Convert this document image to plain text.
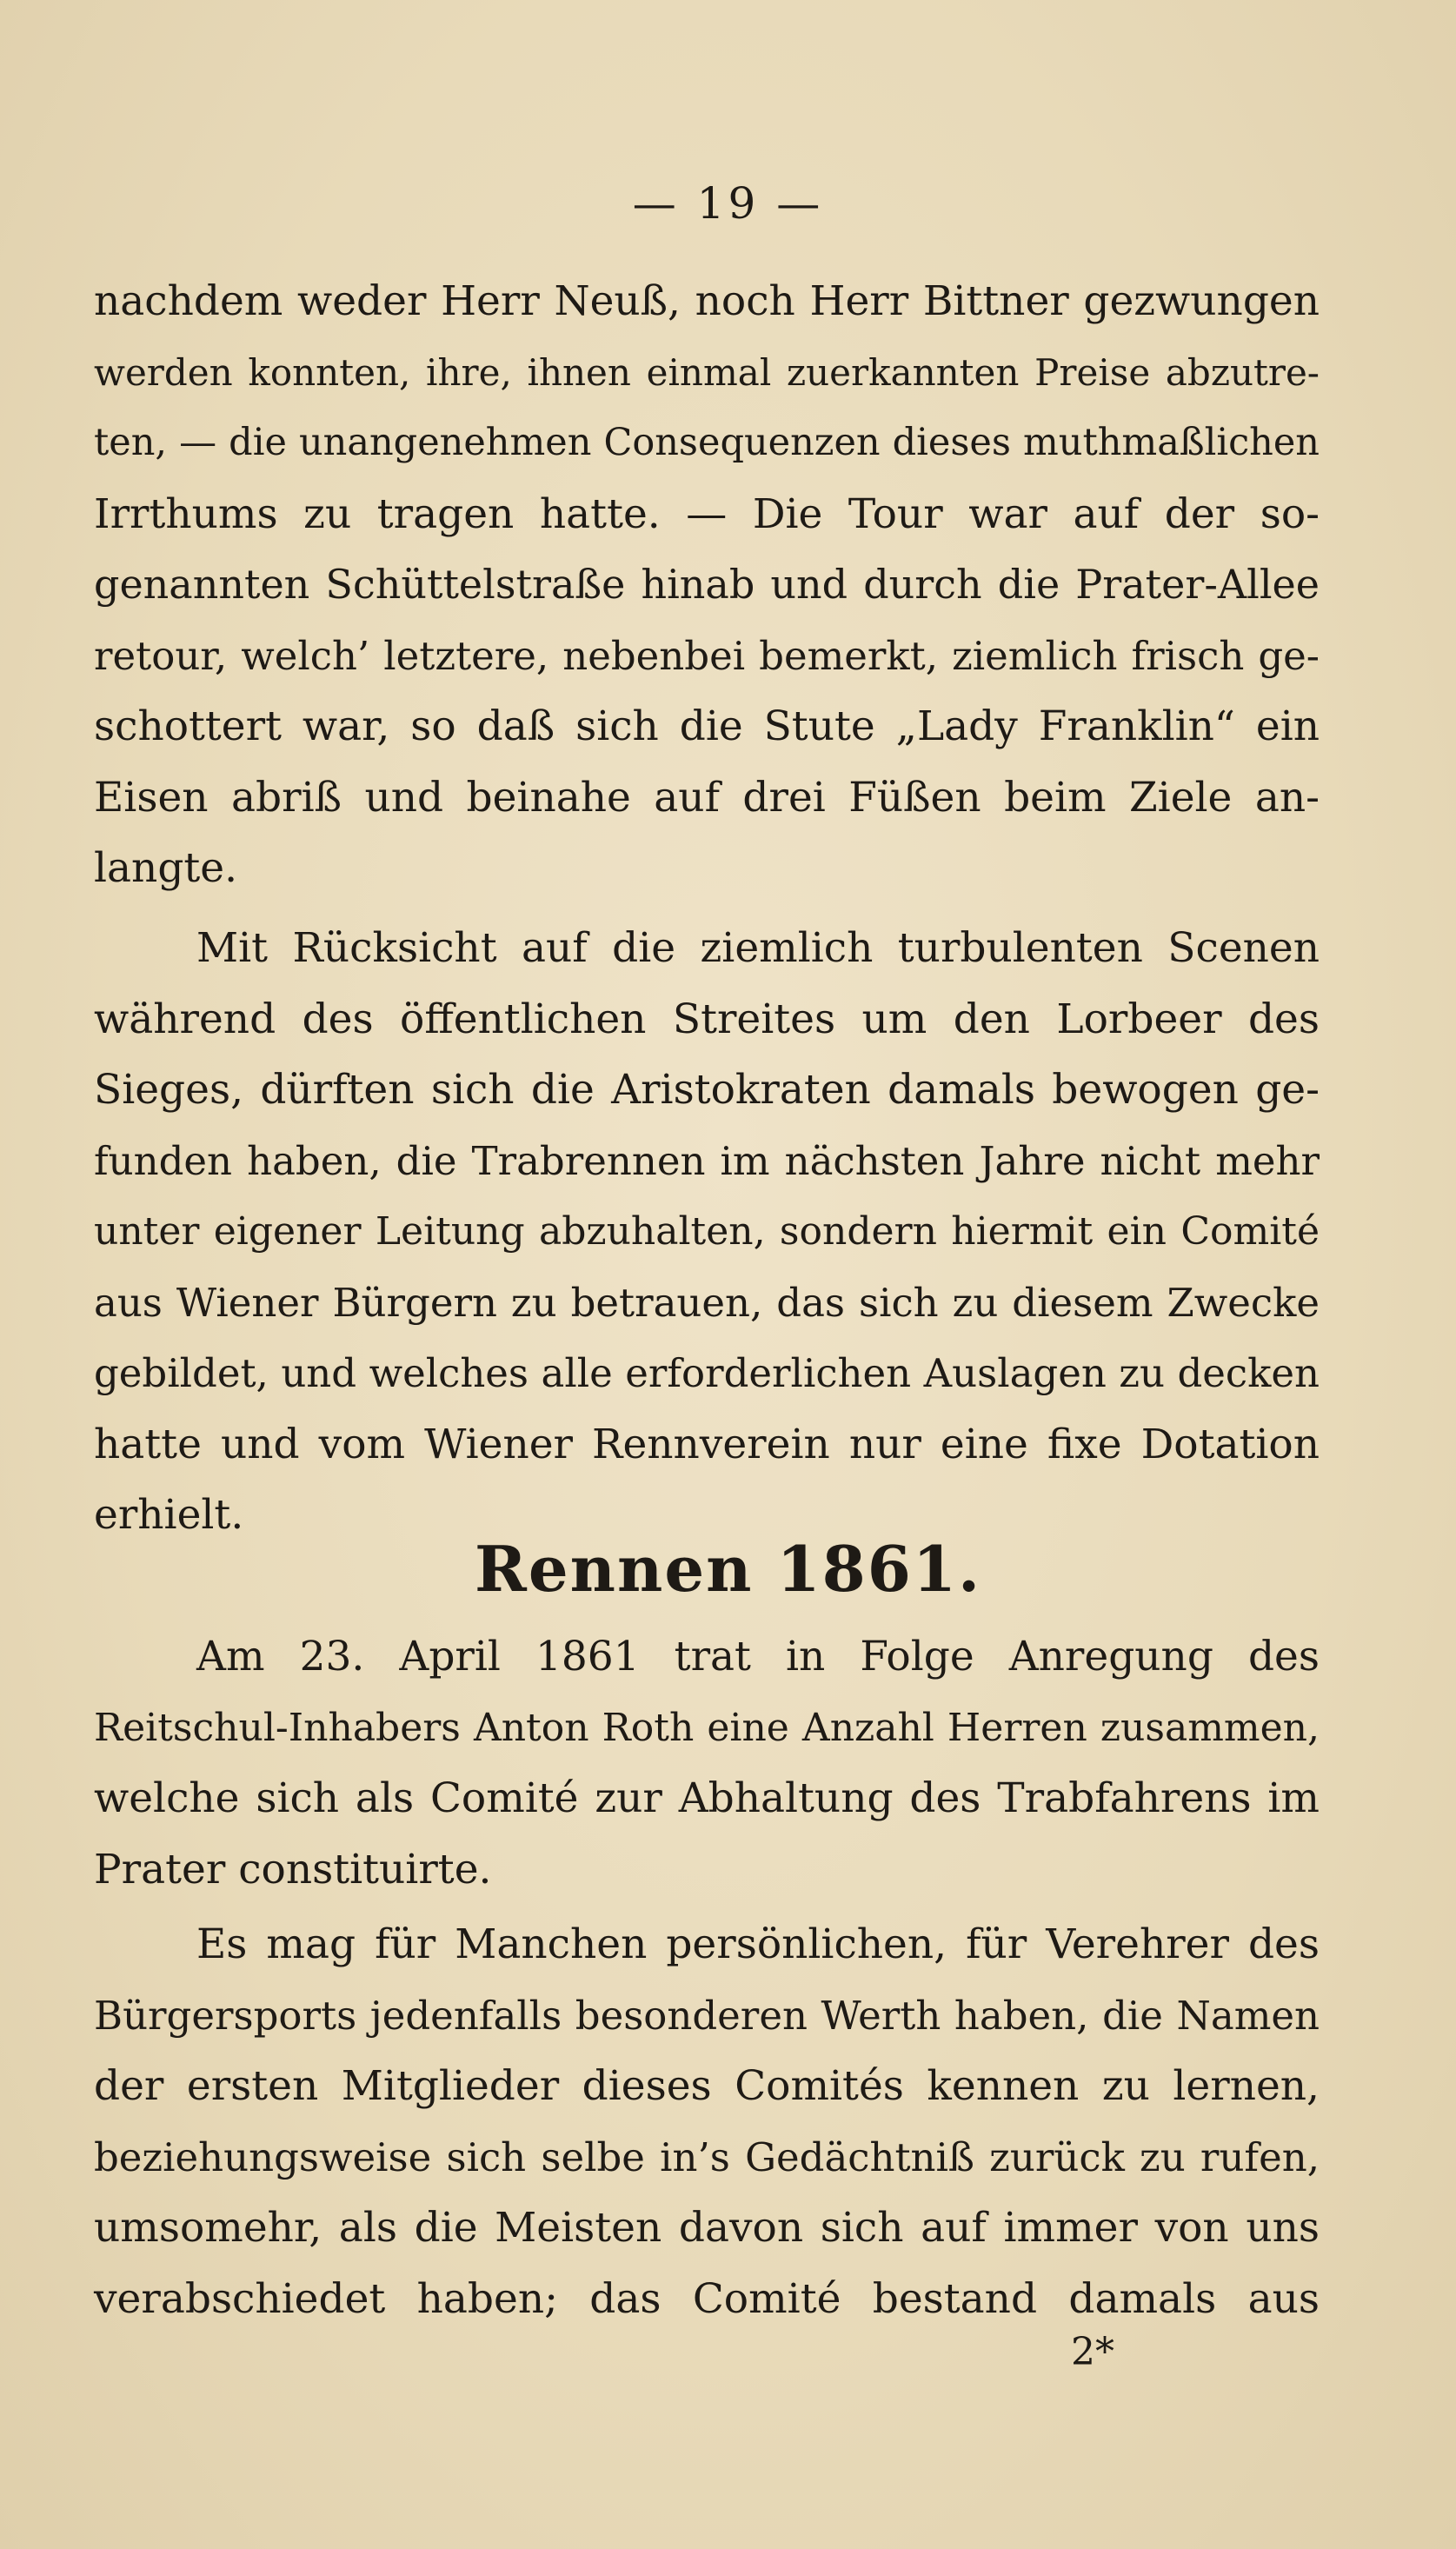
— 19 —
nachdem weder Herr Neuß, noch Herr Bittner gezwungen
werden konnten, ihre, ihnen einmal zuerkannten Preise abzutre-
ten, — die unangenehmen Consequenzen dieses muthmaßlichen
Irrthums zu tragen hatte. — Die Tour war auf der so-
genannten Schüttelstraße hinab und durch die Prater-Allee
retour, welch’ letztere, nebenbei bemerkt, ziemlich frisch ge-
schottert war, so daß sich die Stute „Lady Franklin“ ein
Eisen abriß und beinahe auf drei Füßen beim Ziele an-
langte.
Mit Rücksicht auf die ziemlich turbulenten Scenen
während des öffentlichen Streites um den Lorbeer des
Sieges, dürften sich die Aristokraten damals bewogen ge-
funden haben, die Trabrennen im nächsten Jahre nicht mehr
unter eigener Leitung abzuhalten, sondern hiermit ein Comité
aus Wiener Bürgern zu betrauen, das sich zu diesem Zwecke
gebildet, und welches alle erforderlichen Auslagen zu decken
hatte und vom Wiener Rennverein nur eine fixe Dotation
erhielt.
Rennen 1861.
Am 23. April 1861 trat in Folge Anregung des
Reitschul-Inhabers Anton Roth eine Anzahl Herren zusammen,
welche sich als Comité zur Abhaltung des Trabfahrens im
Prater constituirte.
Es mag für Manchen persönlichen, für Verehrer des
Bürgersports jedenfalls besonderen Werth haben, die Namen
der ersten Mitglieder dieses Comités kennen zu lernen,
beziehungsweise sich selbe in’s Gedächtniß zurück zu rufen,
umsomehr, als die Meisten davon sich auf immer von uns
verabschiedet haben; das Comité bestand damals aus
2*
